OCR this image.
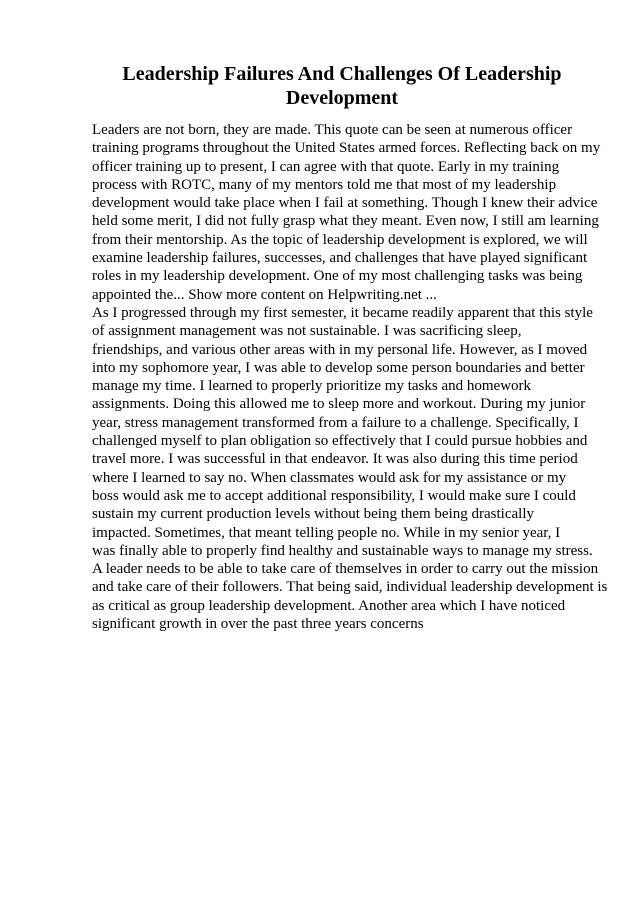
Leadership Failures And Challenges Of Leadership Development
Leaders are not born, they are made. This quote can be seen at numerous officer
training programs throughout the United States armed forces. Reflecting back on my
officer training up to present, I can agree with that quote. Early in my training
process with ROTC, many of my mentors told me that most of my leadership
development would take place when I fail at something. Though I knew their advice
held some merit, I did not fully grasp what they meant. Even now, I still am learning
from their mentorship. As the topic of leadership development is explored, we will
examine leadership failures, successes, and challenges that have played significant
roles in my leadership development. One of my most challenging tasks was being
appointed the... Show more content on Helpwriting.net ...
As I progressed through my first semester, it became readily apparent that this style
of assignment management was not sustainable. I was sacrificing sleep,
friendships, and various other areas with in my personal life. However, as I moved
into my sophomore year, I was able to develop some person boundaries and better
manage my time. I learned to properly prioritize my tasks and homework
assignments. Doing this allowed me to sleep more and workout. During my junior
year, stress management transformed from a failure to a challenge. Specifically, I
challenged myself to plan obligation so effectively that I could pursue hobbies and
travel more. I was successful in that endeavor. It was also during this time period
where I learned to say no. When classmates would ask for my assistance or my
boss would ask me to accept additional responsibility, I would make sure I could
sustain my current production levels without being them being drastically
impacted. Sometimes, that meant telling people no. While in my senior year, I
was finally able to properly find healthy and sustainable ways to manage my stress.
A leader needs to be able to take care of themselves in order to carry out the mission
and take care of their followers. That being said, individual leadership development is
as critical as group leadership development. Another area which I have noticed
significant growth in over the past three years concerns
